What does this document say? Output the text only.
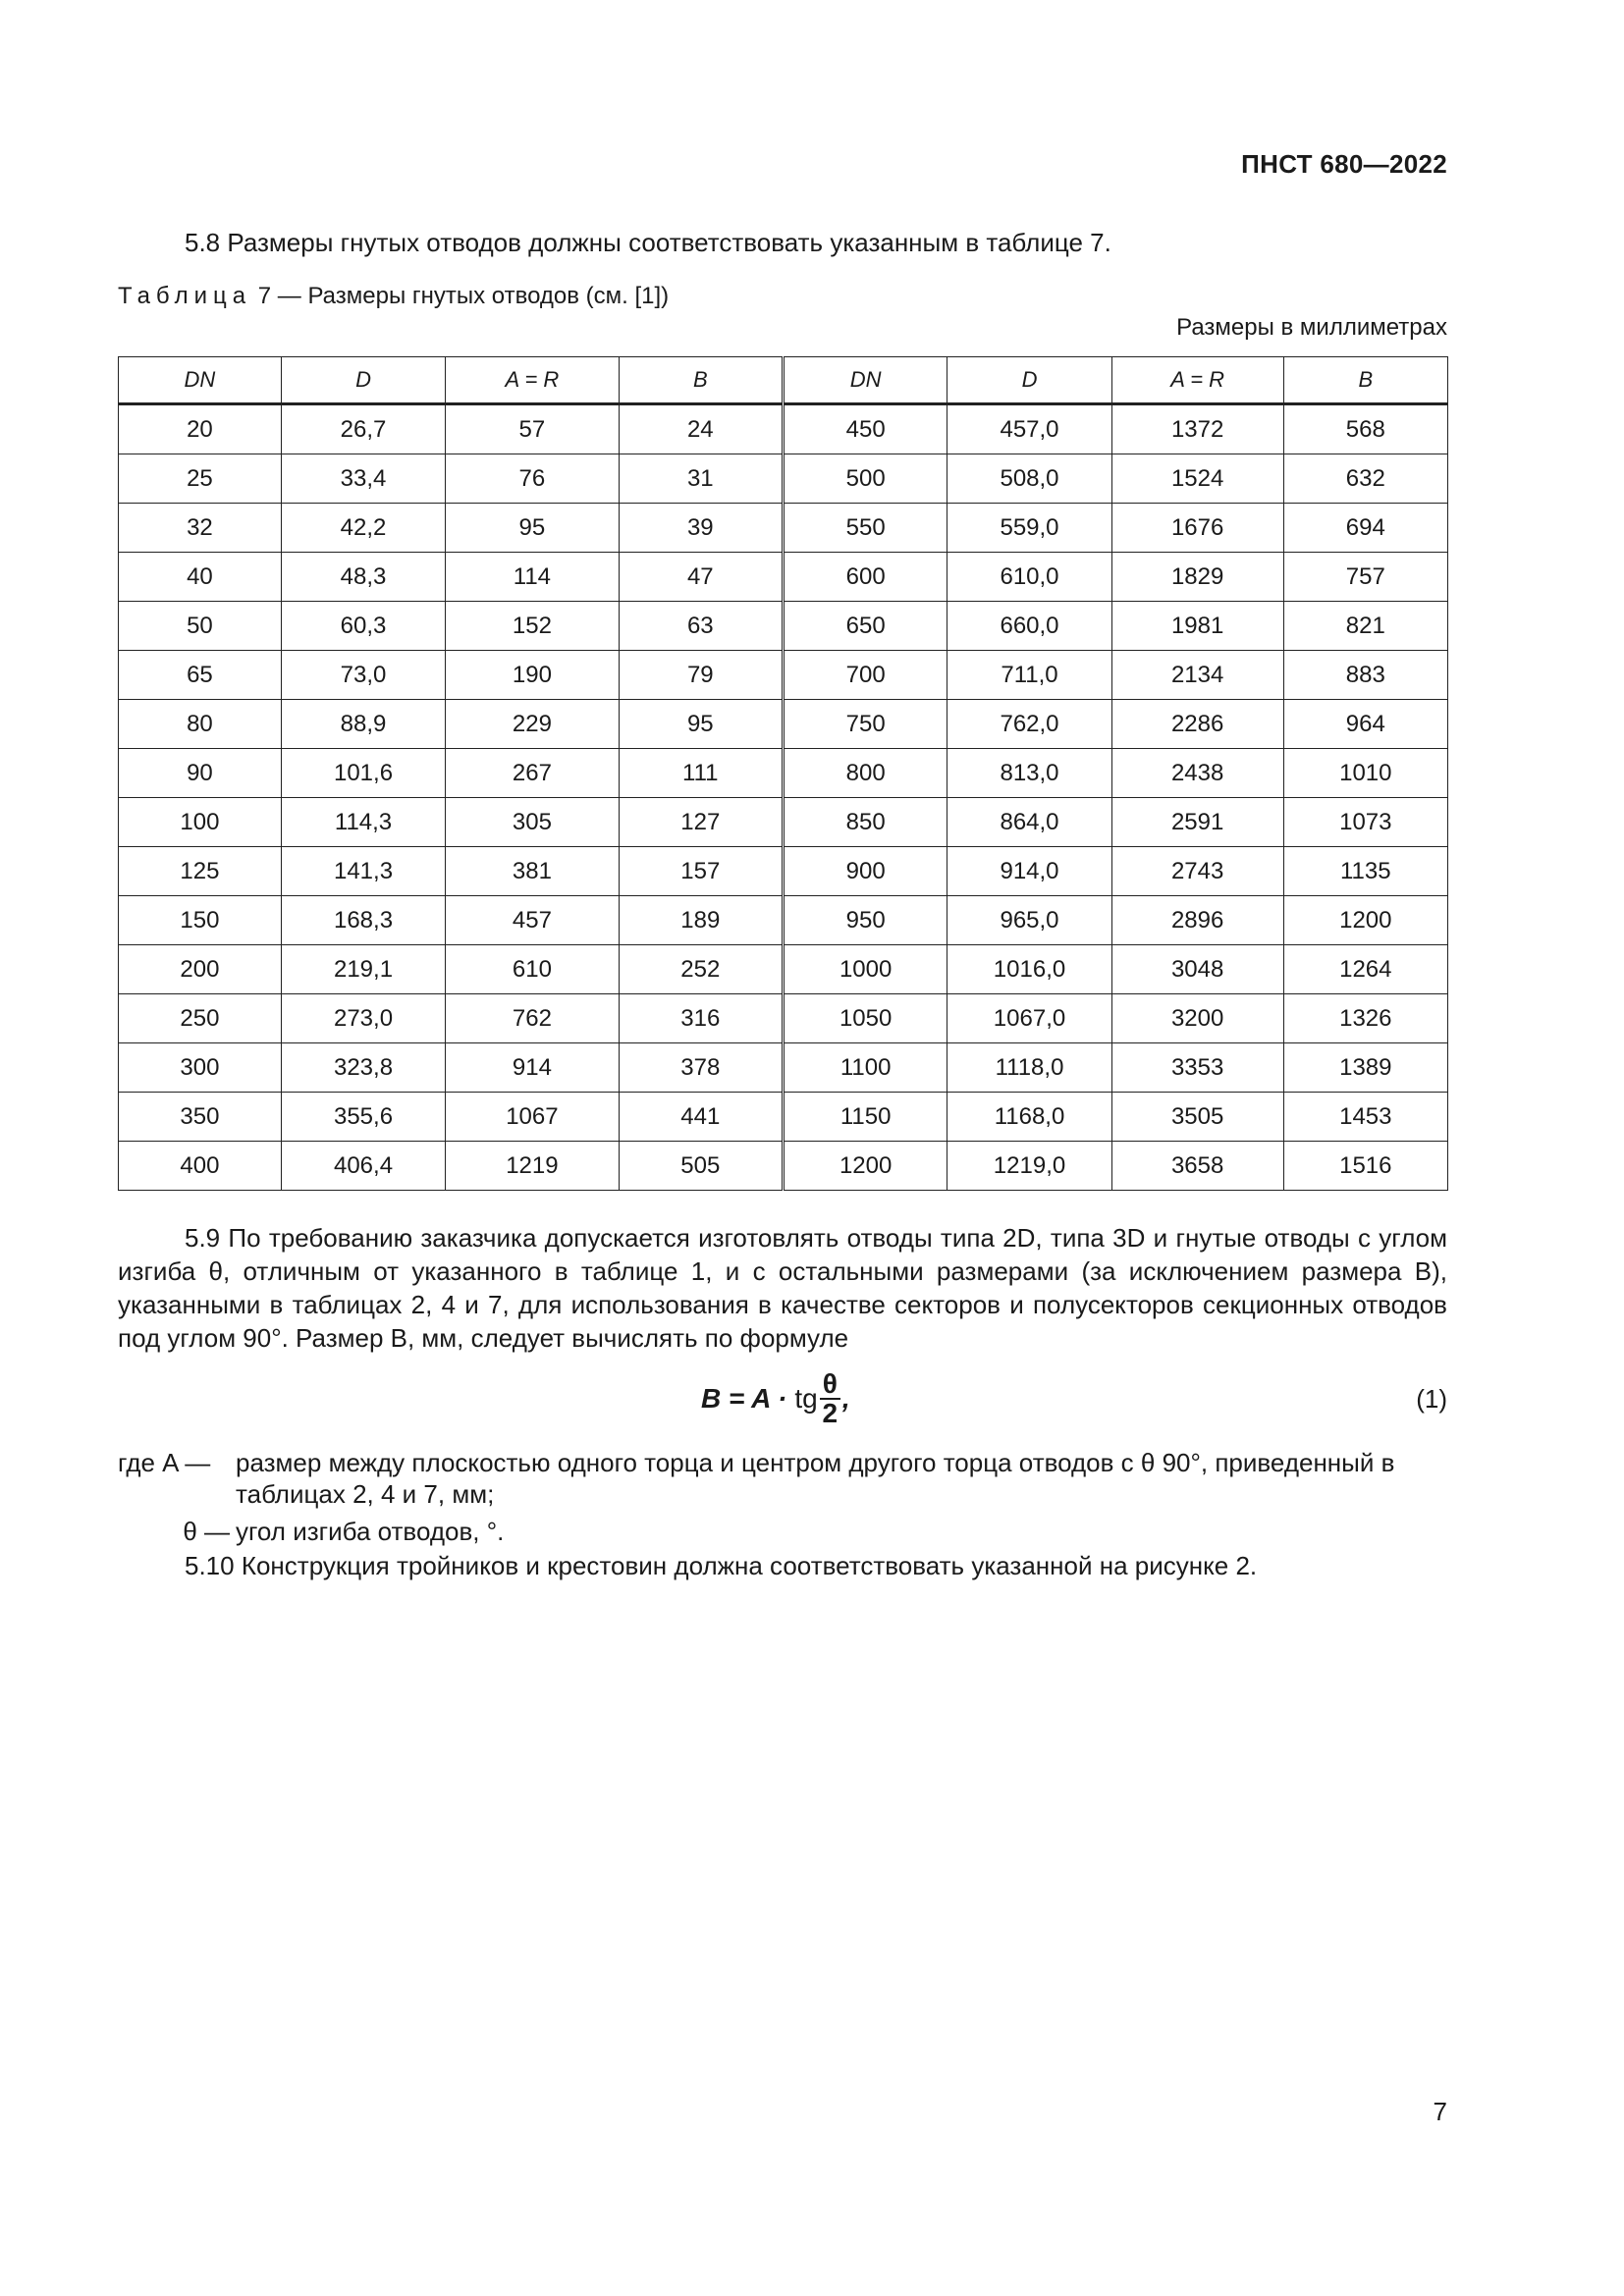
ПНСТ 680—2022
5.8 Размеры гнутых отводов должны соответствовать указанным в таблице 7.
Таблица 7 — Размеры гнутых отводов (см. [1])
Размеры в миллиметрах
DN	D	A = R	B	DN	D	A = R	B
20	26,7	57	24	450	457,0	1372	568
25	33,4	76	31	500	508,0	1524	632
32	42,2	95	39	550	559,0	1676	694
40	48,3	114	47	600	610,0	1829	757
50	60,3	152	63	650	660,0	1981	821
65	73,0	190	79	700	711,0	2134	883
80	88,9	229	95	750	762,0	2286	964
90	101,6	267	111	800	813,0	2438	1010
100	114,3	305	127	850	864,0	2591	1073
125	141,3	381	157	900	914,0	2743	1135
150	168,3	457	189	950	965,0	2896	1200
200	219,1	610	252	1000	1016,0	3048	1264
250	273,0	762	316	1050	1067,0	3200	1326
300	323,8	914	378	1100	1118,0	3353	1389
350	355,6	1067	441	1150	1168,0	3505	1453
400	406,4	1219	505	1200	1219,0	3658	1516
5.9 По требованию заказчика допускается изготовлять отводы типа 2D, типа 3D и гнутые отводы с углом изгиба θ, отличным от указанного в таблице 1, и с остальными размерами (за исключением размера B), указанными в таблицах 2, 4 и 7, для использования в качестве секторов и полусекторов секционных отводов под углом 90°. Размер B, мм, следует вычислять по формуле
B = A · tg $\frac{\theta}{2}$ ,	(1)
где A — размер между плоскостью одного торца и центром другого торца отводов с θ 90°, приведенный в таблицах 2, 4 и 7, мм;
θ — угол изгиба отводов, °.
5.10 Конструкция тройников и крестовин должна соответствовать указанной на рисунке 2.
7
